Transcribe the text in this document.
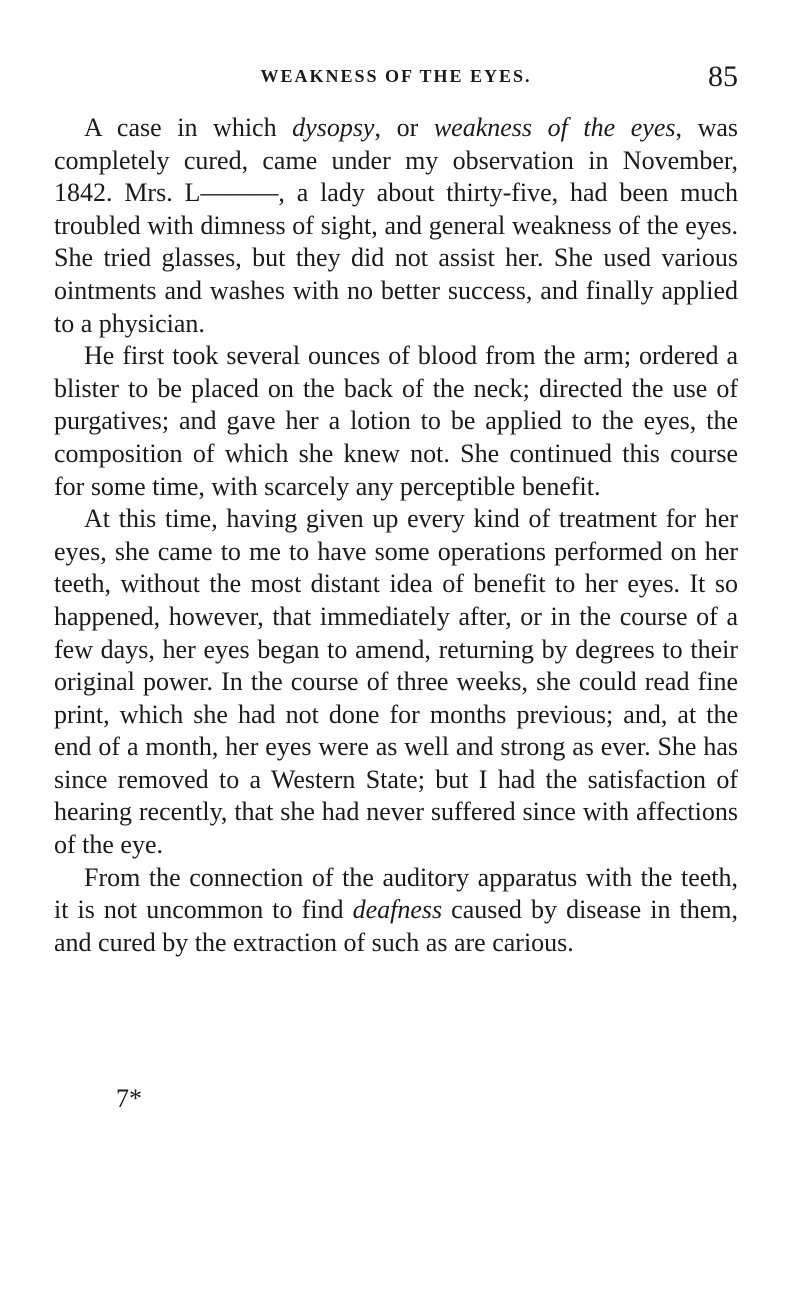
WEAKNESS OF THE EYES.	85

A case in which dysopsy, or weakness of the eyes, was completely cured, came under my observation in November, 1842. Mrs. L———, a lady about thirty-five, had been much troubled with dimness of sight, and general weakness of the eyes. She tried glasses, but they did not assist her. She used various ointments and washes with no better success, and finally applied to a physician.

He first took several ounces of blood from the arm; ordered a blister to be placed on the back of the neck; directed the use of purgatives; and gave her a lotion to be applied to the eyes, the composition of which she knew not. She continued this course for some time, with scarcely any perceptible benefit.

At this time, having given up every kind of treatment for her eyes, she came to me to have some operations performed on her teeth, without the most distant idea of benefit to her eyes. It so happened, however, that immediately after, or in the course of a few days, her eyes began to amend, returning by degrees to their original power. In the course of three weeks, she could read fine print, which she had not done for months previous; and, at the end of a month, her eyes were as well and strong as ever. She has since removed to a Western State; but I had the satisfaction of hearing recently, that she had never suffered since with affections of the eye.

From the connection of the auditory apparatus with the teeth, it is not uncommon to find deafness caused by disease in them, and cured by the extraction of such as are carious.

7*
